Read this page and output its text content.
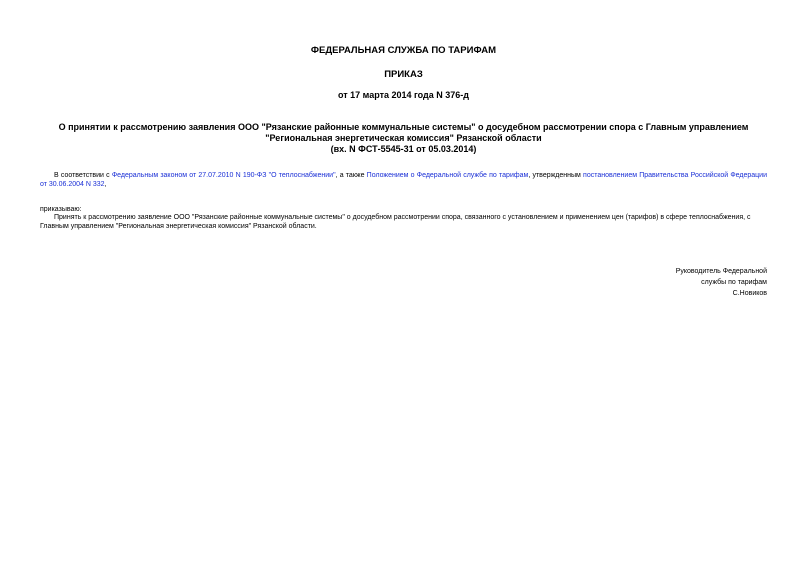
ФЕДЕРАЛЬНАЯ СЛУЖБА ПО ТАРИФАМ
ПРИКАЗ
от 17 марта 2014 года N 376-д
О принятии к рассмотрению заявления ООО "Рязанские районные коммунальные системы" о досудебном рассмотрении спора с Главным управлением
"Региональная энергетическая комиссия" Рязанской области
(вх. N ФСТ-5545-31 от 05.03.2014)
В соответствии с Федеральным законом от 27.07.2010 N 190-ФЗ "О теплоснабжении", а также Положением о Федеральной службе по тарифам, утвержденным постановлением Правительства Российской Федерации от 30.06.2004 N 332,
приказываю:
Принять к рассмотрению заявление ООО "Рязанские районные коммунальные системы" о досудебном рассмотрении спора, связанного с установлением и применением цен (тарифов) в сфере теплоснабжения, с Главным управлением "Региональная энергетическая комиссия" Рязанской области.
Руководитель Федеральной
службы по тарифам
С.Новиков
